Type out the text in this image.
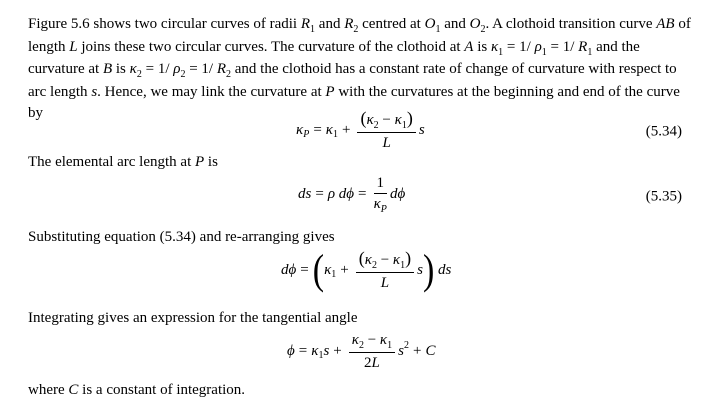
Figure 5.6 shows two circular curves of radii $R_1$ and $R_2$ centred at $O_1$ and $O_2$. A clothoid transition curve AB of length L joins these two circular curves. The curvature of the clothoid at A is $\kappa_1 = 1/$ $\rho_1 = 1/$ $R_1$ and the curvature at B is $\kappa_2 = 1/$ $\rho_2 = 1/$ $R_2$ and the clothoid has a constant rate of change of curvature with respect to arc length s. Hence, we may link the curvature at P with the curvatures at the beginning and end of the curve by

κ P = κ $1 + \frac{(\kappa_2 - \kappa_1)}{L}$ s	(5.34)

The elemental arc length at P is

ds = ρ
$d\phi = \frac{1}{\kappa_P}$ dϕ	(5.35)

Substituting equation (5.34) and re-arranging gives

dϕ = ( κ $1 + \frac{(\kappa_2 - \kappa_1)}{L}$ s )
ds

Integrating gives an expression for the tangential angle

ϕ = κ 1 $s + \frac{\kappa_2 - \kappa_1}{2L}$ s 2 + C

where C is a constant of integration.
